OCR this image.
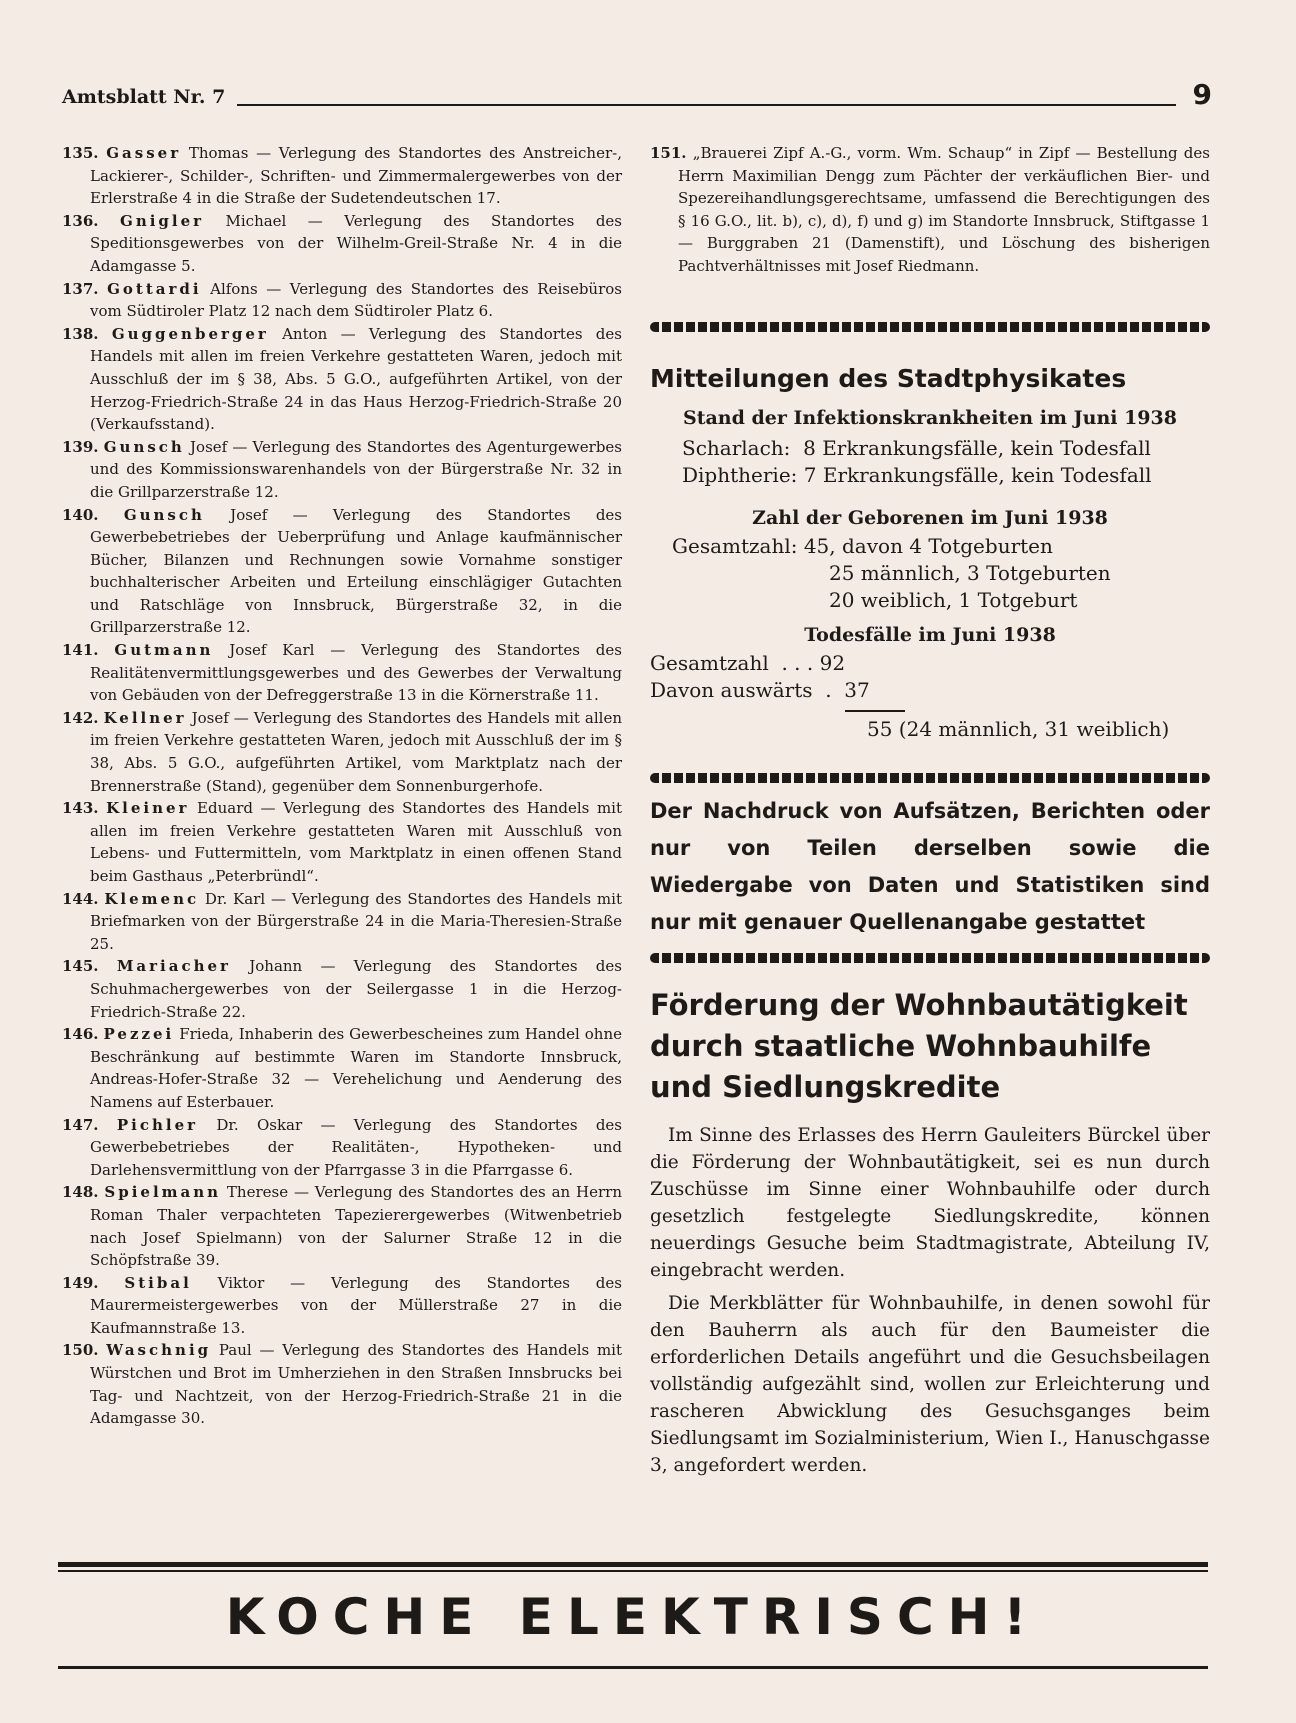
Amtsblatt Nr. 7	9

135. Gasser Thomas — Verlegung des Standortes des Anstreicher-, Lackierer-, Schilder-, Schriften- und Zimmermalergewerbes von der Erlerstraße 4 in die Straße der Sudetendeutschen 17.

136. Gnigler Michael — Verlegung des Standortes des Speditionsgewerbes von der Wilhelm-Greil-Straße Nr. 4 in die Adamgasse 5.

137. Gottardi Alfons — Verlegung des Standortes des Reisebüros vom Südtiroler Platz 12 nach dem Südtiroler Platz 6.

138. Guggenberger Anton — Verlegung des Standortes des Handels mit allen im freien Verkehre gestatteten Waren, jedoch mit Ausschluß der im § 38, Abs. 5 G.O., aufgeführten Artikel, von der Herzog-Friedrich-Straße 24 in das Haus Herzog-Friedrich-Straße 20 (Verkaufsstand).

139. Gunsch Josef — Verlegung des Standortes des Agenturgewerbes und des Kommissionswarenhandels von der Bürgerstraße Nr. 32 in die Grillparzerstraße 12.

140. Gunsch Josef — Verlegung des Standortes des Gewerbebetriebes der Ueberprüfung und Anlage kaufmännischer Bücher, Bilanzen und Rechnungen sowie Vornahme sonstiger buchhalterischer Arbeiten und Erteilung einschlägiger Gutachten und Ratschläge von Innsbruck, Bürgerstraße 32, in die Grillparzerstraße 12.

141. Gutmann Josef Karl — Verlegung des Standortes des Realitätenvermittlungsgewerbes und des Gewerbes der Verwaltung von Gebäuden von der Defreggerstraße 13 in die Körnerstraße 11.

142. Kellner Josef — Verlegung des Standortes des Handels mit allen im freien Verkehre gestatteten Waren, jedoch mit Ausschluß der im § 38, Abs. 5 G.O., aufgeführten Artikel, vom Marktplatz nach der Brennerstraße (Stand), gegenüber dem Sonnenburgerhofe.

143. Kleiner Eduard — Verlegung des Standortes des Handels mit allen im freien Verkehre gestatteten Waren mit Ausschluß von Lebens- und Futtermitteln, vom Marktplatz in einen offenen Stand beim Gasthaus „Peterbründl“.

144. Klemenc Dr. Karl — Verlegung des Standortes des Handels mit Briefmarken von der Bürgerstraße 24 in die Maria-Theresien-Straße 25.

145. Mariacher Johann — Verlegung des Standortes des Schuhmachergewerbes von der Seilergasse 1 in die Herzog-Friedrich-Straße 22.

146. Pezzei Frieda, Inhaberin des Gewerbescheines zum Handel ohne Beschränkung auf bestimmte Waren im Standorte Innsbruck, Andreas-Hofer-Straße 32 — Verehelichung und Aenderung des Namens auf Esterbauer.

147. Pichler Dr. Oskar — Verlegung des Standortes des Gewerbebetriebes der Realitäten-, Hypotheken- und Darlehensvermittlung von der Pfarrgasse 3 in die Pfarrgasse 6.

148. Spielmann Therese — Verlegung des Standortes des an Herrn Roman Thaler verpachteten Tapezierergewerbes (Witwenbetrieb nach Josef Spielmann) von der Salurner Straße 12 in die Schöpfstraße 39.

149. Stibal Viktor — Verlegung des Standortes des Maurermeistergewerbes von der Müllerstraße 27 in die Kaufmannstraße 13.

150. Waschnig Paul — Verlegung des Standortes des Handels mit Würstchen und Brot im Umherziehen in den Straßen Innsbrucks bei Tag- und Nachtzeit, von der Herzog-Friedrich-Straße 21 in die Adamgasse 30.

151. „Brauerei Zipf A.-G., vorm. Wm. Schaup“ in Zipf — Bestellung des Herrn Maximilian Dengg zum Pächter der verkäuflichen Bier- und Spezereihandlungsgerechtsame, umfassend die Berechtigungen des § 16 G.O., lit. b), c), d), f) und g) im Standorte Innsbruck, Stiftgasse 1 — Burggraben 21 (Damenstift), und Löschung des bisherigen Pachtverhältnisses mit Josef Riedmann.

Mitteilungen des Stadtphysikates

Stand der Infektionskrankheiten im Juni 1938

Scharlach:  8 Erkrankungsfälle, kein Todesfall

Diphtherie: 7 Erkrankungsfälle, kein Todesfall

Zahl der Geborenen im Juni 1938

Gesamtzahl: 45, davon 4 Totgeburten

25 männlich, 3 Totgeburten

20 weiblich, 1 Totgeburt

Todesfälle im Juni 1938

Gesamtzahl  . . . 92

Davon auswärts  .  37

55 (24 männlich, 31 weiblich)

Der Nachdruck von Aufsätzen, Berichten oder nur von Teilen derselben sowie die Wiedergabe von Daten und Statistiken sind nur mit genauer Quellenangabe gestattet

Förderung der Wohnbautätigkeit durch staatliche Wohnbauhilfe und Siedlungskredite

Im Sinne des Erlasses des Herrn Gauleiters Bürckel über die Förderung der Wohnbautätigkeit, sei es nun durch Zuschüsse im Sinne einer Wohnbauhilfe oder durch gesetzlich festgelegte Siedlungskredite, können neuerdings Gesuche beim Stadtmagistrate, Abteilung IV, eingebracht werden.

Die Merkblätter für Wohnbauhilfe, in denen sowohl für den Bauherrn als auch für den Baumeister die erforderlichen Details angeführt und die Gesuchsbeilagen vollständig aufgezählt sind, wollen zur Erleichterung und rascheren Abwicklung des Gesuchsganges beim Siedlungsamt im Sozialministerium, Wien I., Hanuschgasse 3, angefordert werden.

KOCHE ELEKTRISCH!
